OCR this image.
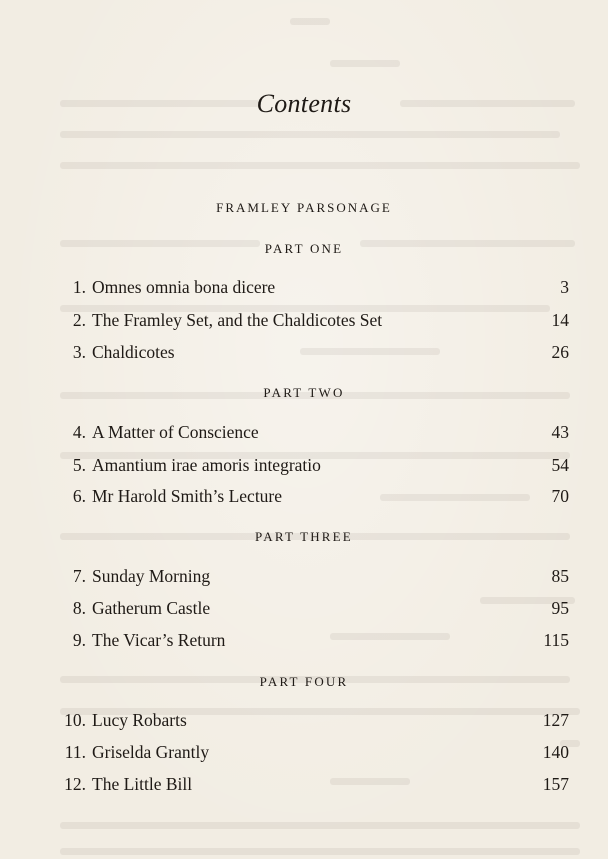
Contents
FRAMLEY PARSONAGE
PART ONE
1. Omnes omnia bona dicere	3
2. The Framley Set, and the Chaldicotes Set	14
3. Chaldicotes	26
PART TWO
4. A Matter of Conscience	43
5. Amantium irae amoris integratio	54
6. Mr Harold Smith’s Lecture	70
PART THREE
7. Sunday Morning	85
8. Gatherum Castle	95
9. The Vicar’s Return	115
PART FOUR
10. Lucy Robarts	127
11. Griselda Grantly	140
12. The Little Bill	157
